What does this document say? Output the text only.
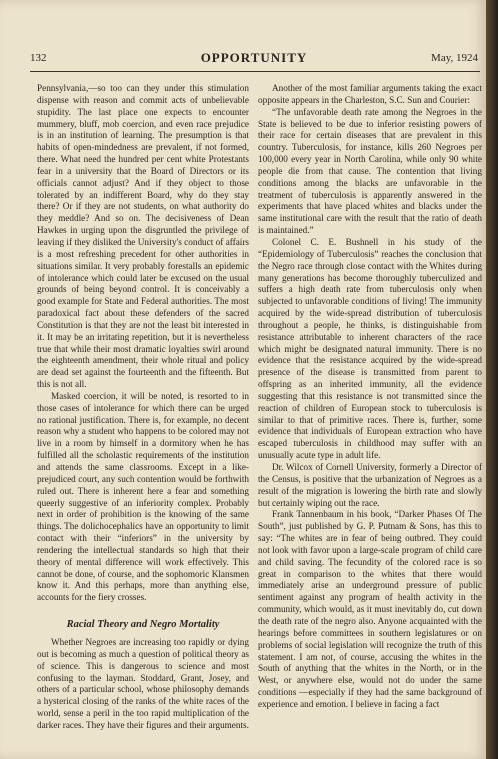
132	OPPORTUNITY	May, 1924

Pennsylvania,—so too can they under this stimulation dispense with reason and commit acts of unbelievable stupidity. The last place one expects to encounter mummery, bluff, mob coercion, and even race prejudice is in an institution of learning. The presumption is that habits of open-mindedness are prevalent, if not formed, there. What need the hundred per cent white Protestants fear in a university that the Board of Directors or its officials cannot adjust? And if they object to those tolerated by an indifferent Board, why do they stay there? Or if they are not students, on what authority do they meddle? And so on. The decisiveness of Dean Hawkes in urging upon the disgruntled the privilege of leaving if they disliked the University's conduct of affairs is a most refreshing precedent for other authorities in situations similar. It very probably forestalls an epidemic of intolerance which could later be excused on the usual grounds of being beyond control. It is conceivably a good example for State and Federal authorities. The most paradoxical fact about these defenders of the sacred Constitution is that they are not the least bit interested in it. It may be an irritating repetition, but it is nevertheless true that while their most dramatic loyalties swirl around the eighteenth amendment, their whole ritual and policy are dead set against the fourteenth and the fifteenth. But this is not all.

Masked coercion, it will be noted, is resorted to in those cases of intolerance for which there can be urged no rational justification. There is, for example, no decent reason why a student who happens to be colored may not live in a room by himself in a dormitory when he has fulfilled all the scholastic requirements of the institution and attends the same classrooms. Except in a like-prejudiced court, any such contention would be forthwith ruled out. There is inherent here a fear and something queerly suggestive of an inferiority complex. Probably next in order of prohibition is the knowing of the same things. The dolichocephalics have an opportunity to limit contact with their “inferiors” in the university by rendering the intellectual standards so high that their theory of mental difference will work effectively. This cannot be done, of course, and the sophomoric Klansmen know it. And this perhaps, more than anything else, accounts for the fiery crosses.

Racial Theory and Negro Mortality

Whether Negroes are increasing too rapidly or dying out is becoming as much a question of political theory as of science. This is dangerous to science and most confusing to the layman. Stoddard, Grant, Josey, and others of a particular school, whose philosophy demands a hysterical closing of the ranks of the white races of the world, sense a peril in the too rapid multiplication of the darker races. They have their figures and their arguments.

Another of the most familiar arguments taking the exact opposite appears in the Charleston, S.C. Sun and Courier:

“The unfavorable death rate among the Negroes in the State is believed to be due to inferior resisting powers of their race for certain diseases that are prevalent in this country. Tuberculosis, for instance, kills 260 Negroes per 100,000 every year in North Carolina, while only 90 white people die from that cause. The contention that living conditions among the blacks are unfavorable in the treatment of tuberculosis is apparently answered in the experiments that have placed whites and blacks under the same institutional care with the result that the ratio of death is maintained.”

Colonel C. E. Bushnell in his study of the “Epidemiology of Tuberculosis” reaches the conclusion that the Negro race through close contact with the Whites during many generations has become thoroughly tuberculized and suffers a high death rate from tuberculosis only when subjected to unfavorable conditions of living! The immunity acquired by the wide-spread distribution of tuberculosis throughout a people, he thinks, is distinguishable from resistance attributable to inherent characters of the race which might be designated natural immunity. There is no evidence that the resistance acquired by the wide-spread presence of the disease is transmitted from parent to offspring as an inherited immunity, all the evidence suggesting that this resistance is not transmitted since the reaction of children of European stock to tuberculosis is similar to that of primitive races. There is, further, some evidence that individuals of European extraction who have escaped tuberculosis in childhood may suffer with an unusually acute type in adult life.

Dr. Wilcox of Cornell University, formerly a Director of the Census, is positive that the urbanization of Negroes as a result of the migration is lowering the birth rate and slowly but certainly wiping out the race.

Frank Tannenbaum in his book, “Darker Phases Of The South”, just published by G. P. Putnam & Sons, has this to say: “The whites are in fear of being outbred. They could not look with favor upon a large-scale program of child care and child saving. The fecundity of the colored race is so great in comparison to the whites that there would immediately arise an underground pressure of public sentiment against any program of health activity in the community, which would, as it must inevitably do, cut down the death rate of the negro also. Anyone acquainted with the hearings before committees in southern legislatures or on problems of social legislation will recognize the truth of this statement. I am not, of course, accusing the whites in the South of anything that the whites in the North, or in the West, or anywhere else, would not do under the same conditions —especially if they had the same background of experience and emotion. I believe in facing a fact
